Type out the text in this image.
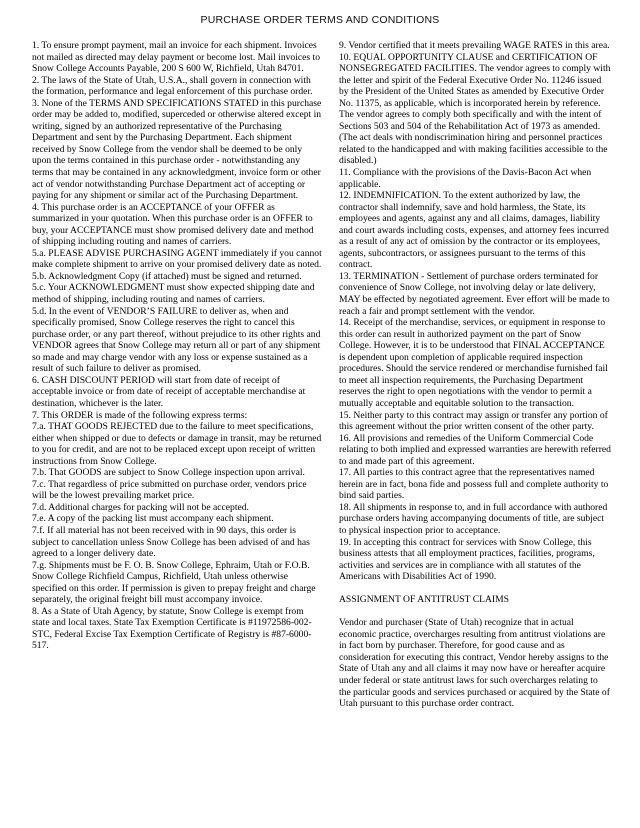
PURCHASE ORDER TERMS AND CONDITIONS

1. To ensure prompt payment, mail an invoice for each shipment. Invoices not mailed as directed may delay payment or become lost. Mail invoices to Snow College Accounts Payable, 200 S 600 W, Richfield, Utah 84701.

2. The laws of the State of Utah, U.S.A., shall govern in connection with the formation, performance and legal enforcement of this purchase order.

3. None of the TERMS AND SPECIFICATIONS STATED in this purchase order may be added to, modified, superceded or otherwise altered except in writing, signed by an authorized representative of the Purchasing Department and sent by the Purchasing Department. Each shipment received by Snow College from the vendor shall be deemed to be only upon the terms contained in this purchase order - notwithstanding any terms that may be contained in any acknowledgment, invoice form or other act of vendor notwithstanding Purchase Department act of accepting or paying for any shipment or similar act of the Purchasing Department.

4. This purchase order is an ACCEPTANCE of your OFFER as summarized in your quotation. When this purchase order is an OFFER to buy, your ACCEPTANCE must show promised delivery date and method of shipping including routing and names of carriers.

5.a. PLEASE ADVISE PURCHASING AGENT immediately if you cannot make complete shipment to arrive on your promised delivery date as noted.

5.b. Acknowledgment Copy (if attached) must be signed and returned.

5.c. Your ACKNOWLEDGMENT must show expected shipping date and method of shipping, including routing and names of carriers.

5.d. In the event of VENDOR’S FAILURE to deliver as, when and specifically promised, Snow College reserves the right to cancel this purchase order, or any part thereof, without prejudice to its other rights and VENDOR agrees that Snow College may return all or part of any shipment so made and may charge vendor with any loss or expense sustained as a result of such failure to deliver as promised.

6. CASH DISCOUNT PERIOD will start from date of receipt of acceptable invoice or from date of receipt of acceptable merchandise at destination, whichever is the later.

7. This ORDER is made of the following express terms:

7.a. THAT GOODS REJECTED due to the failure to meet specifications, either when shipped or due to defects or damage in transit, may be returned to you for credit, and are not to be replaced except upon receipt of written instructions from Snow College.

7.b. That GOODS are subject to Snow College inspection upon arrival.

7.c. That regardless of price submitted on purchase order, vendors price will be the lowest prevailing market price.

7.d. Additional charges for packing will not be accepted.

7.e. A copy of the packing list must accompany each shipment.

7.f. If all material has not been received with in 90 days, this order is subject to cancellation unless Snow College has been advised of and has agreed to a longer delivery date.

7.g. Shipments must be F. O. B. Snow College, Ephraim, Utah or F.O.B. Snow College Richfield Campus, Richfield, Utah unless otherwise specified on this order. If permission is given to prepay freight and charge separately, the original freight bill must accompany invoice.

8. As a State of Utah Agency, by statute, Snow College is exempt from state and local taxes. State Tax Exemption Certificate is #11972586-002-STC, Federal Excise Tax Exemption Certificate of Registry is #87-6000-517.

9. Vendor certified that it meets prevailing WAGE RATES in this area.

10. EQUAL OPPORTUNITY CLAUSE and CERTIFICATION OF NONSEGREGATED FACILITIES. The vendor agrees to comply with the letter and spirit of the Federal Executive Order No. 11246 issued by the President of the United States as amended by Executive Order No. 11375, as applicable, which is incorporated herein by reference.

The vendor agrees to comply both specifically and with the intent of Sections 503 and 504 of the Rehabilitation Act of 1973 as amended. (The act deals with nondiscrimination hiring and personnel practices related to the handicapped and with making facilities accessible to the disabled.)

11. Compliance with the provisions of the Davis-Bacon Act when applicable.

12. INDEMNIFICATION. To the extent authorized by law, the contractor shall indemnify, save and hold harmless, the State, its employees and agents, against any and all claims, damages, liability and court awards including costs, expenses, and attorney fees incurred as a result of any act of omission by the contractor or its employees, agents, subcontractors, or assignees pursuant to the terms of this contract.

13. TERMINATION - Settlement of purchase orders terminated for convenience of Snow College, not involving delay or late delivery, MAY be effected by negotiated agreement. Ever effort will be made to reach a fair and prompt settlement with the vendor.

14. Receipt of the merchandise, services, or equipment in response to this order can result in authorized payment on the part of Snow College. However, it is to be understood that FINAL ACCEPTANCE is dependent upon completion of applicable required inspection procedures. Should the service rendered or merchandise furnished fail to meet all inspection requirements, the Purchasing Department reserves the right to open negotiations with the vendor to permit a mutually acceptable and equitable solution to the transaction.

15. Neither party to this contract may assign or transfer any portion of this agreement without the prior written consent of the other party.

16. All provisions and remedies of the Uniform Commercial Code relating to both implied and expressed warranties are herewith referred to and made part of this agreement.

17. All parties to this contract agree that the representatives named herein are in fact, bona fide and possess full and complete authority to bind said parties.

18. All shipments in response to, and in full accordance with authored purchase orders having accompanying documents of title, are subject to physical inspection prior to acceptance.

19. In accepting this contract for services with Snow College, this business attests that all employment practices, facilities, programs, activities and services are in compliance with all statutes of the Americans with Disabilities Act of 1990.

ASSIGNMENT OF ANTITRUST CLAIMS

Vendor and purchaser (State of Utah) recognize that in actual economic practice, overcharges resulting from antitrust violations are in fact born by purchaser. Therefore, for good cause and as consideration for executing this contract, Vendor hereby assigns to the State of Utah any and all claims it may now have or hereafter acquire under federal or state antitrust laws for such overcharges relating to the particular goods and services purchased or acquired by the State of Utah pursuant to this purchase order contract.
